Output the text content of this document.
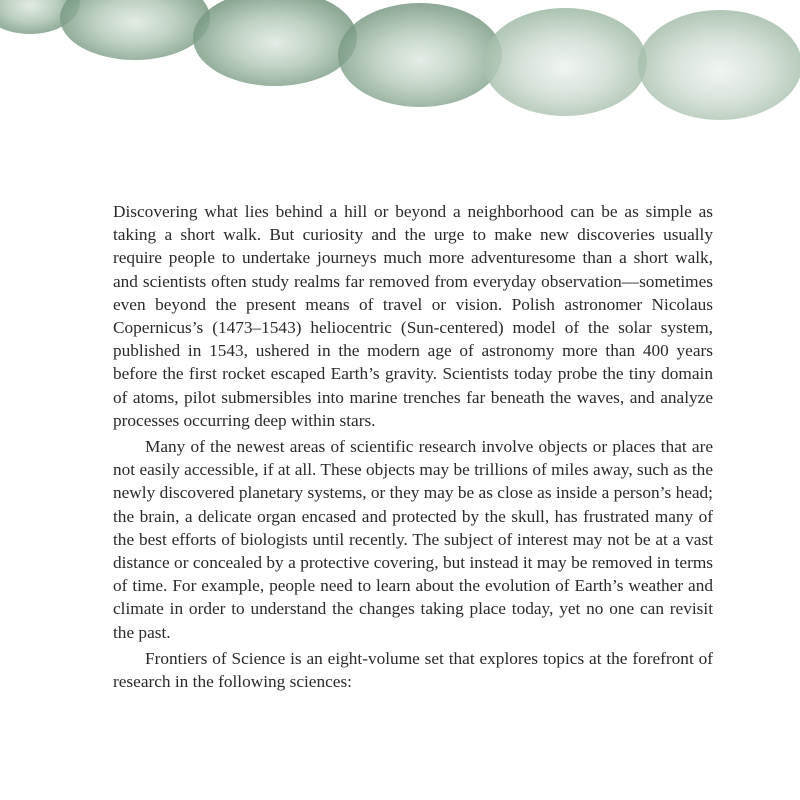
Discovering what lies behind a hill or beyond a neighborhood can be as simple as taking a short walk. But curiosity and the urge to make new discoveries usually require people to undertake journeys much more adventuresome than a short walk, and scientists often study realms far removed from everyday observation—sometimes even beyond the present means of travel or vision. Polish astronomer Nicolaus Copernicus’s (1473–1543) heliocentric (Sun-centered) model of the solar system, published in 1543, ushered in the modern age of astronomy more than 400 years before the first rocket escaped Earth’s gravity. Scientists today probe the tiny domain of atoms, pilot submersibles into marine trenches far beneath the waves, and analyze processes occurring deep within stars.

Many of the newest areas of scientific research involve objects or places that are not easily accessible, if at all. These objects may be trillions of miles away, such as the newly discovered planetary systems, or they may be as close as inside a person’s head; the brain, a delicate organ encased and protected by the skull, has frustrated many of the best efforts of biologists until recently. The subject of interest may not be at a vast distance or concealed by a protective covering, but instead it may be removed in terms of time. For example, people need to learn about the evolution of Earth’s weather and climate in order to understand the changes taking place today, yet no one can revisit the past.

Frontiers of Science is an eight-volume set that explores topics at the forefront of research in the following sciences:
